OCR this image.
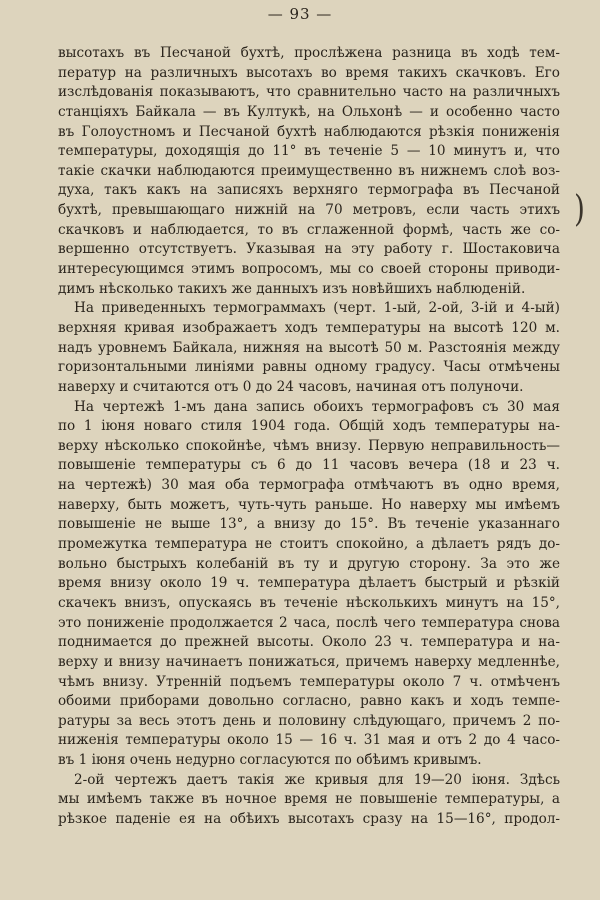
— 93 —
высотахъ въ Песчаной бухтѣ, прослѣжена разница въ ходѣ тем-
ператур на различныхъ высотахъ во время такихъ скачковъ. Его
изслѣдованія показываютъ, что сравнительно часто на различныхъ
станціяхъ Байкала — въ Култукѣ, на Ольхонѣ — и особенно часто
въ Голоустномъ и Песчаной бухтѣ наблюдаются рѣзкія пониженія
температуры, доходящія до 11° въ теченіе 5 — 10 минутъ и, что
такіе скачки наблюдаются преимущественно въ нижнемъ слоѣ воз-
духа, такъ какъ на записяхъ верхняго термографа въ Песчаной
бухтѣ, превышающаго нижній на 70 метровъ, если часть этихъ
скачковъ и наблюдается, то въ сглаженной формѣ, часть же со-
вершенно отсутствуетъ. Указывая на эту работу г. Шостаковича
интересующимся этимъ вопросомъ, мы со своей стороны приводи-
димъ нѣсколько такихъ же данныхъ изъ новѣйшихъ наблюденій.
На приведенныхъ термограммахъ (черт. 1-ый, 2-ой, 3-ій и 4-ый)
верхняя кривая изображаетъ ходъ температуры на высотѣ 120 м.
надъ уровнемъ Байкала, нижняя на высотѣ 50 м. Разстоянія между
горизонтальными линіями равны одному градусу. Часы отмѣчены
наверху и считаются отъ 0 до 24 часовъ, начиная отъ полуночи.
На чертежѣ 1-мъ дана запись обоихъ термографовъ съ 30 мая
по 1 іюня новаго стиля 1904 года. Общій ходъ температуры на-
верху нѣсколько спокойнѣе, чѣмъ внизу. Первую неправильность—
повышеніе температуры съ 6 до 11 часовъ вечера (18 и 23 ч.
на чертежѣ) 30 мая оба термографа отмѣчаютъ въ одно время,
наверху, быть можетъ, чуть-чуть раньше. Но наверху мы имѣемъ
повышеніе не выше 13°, а внизу до 15°. Въ теченіе указаннаго
промежутка температура не стоитъ спокойно, а дѣлаетъ рядъ до-
вольно быстрыхъ колебаній въ ту и другую сторону. За это же
время внизу около 19 ч. температура дѣлаетъ быстрый и рѣзкій
скачекъ внизъ, опускаясь въ теченіе нѣсколькихъ минутъ на 15°,
это пониженіе продолжается 2 часа, послѣ чего температура снова
поднимается до прежней высоты. Около 23 ч. температура и на-
верху и внизу начинаетъ понижаться, причемъ наверху медленнѣе,
чѣмъ внизу. Утренній подъемъ температуры около 7 ч. отмѣченъ
обоими приборами довольно согласно, равно какъ и ходъ темпе-
ратуры за весь этотъ день и половину слѣдующаго, причемъ 2 по-
ниженія температуры около 15 — 16 ч. 31 мая и отъ 2 до 4 часо-
въ 1 іюня очень недурно согласуются по обѣимъ кривымъ.
2-ой чертежъ даетъ такія же кривыя для 19—20 іюня. Здѣсь
мы имѣемъ также въ ночное время не повышеніе температуры, а
рѣзкое паденіе ея на обѣихъ высотахъ сразу на 15—16°, продол-
)
